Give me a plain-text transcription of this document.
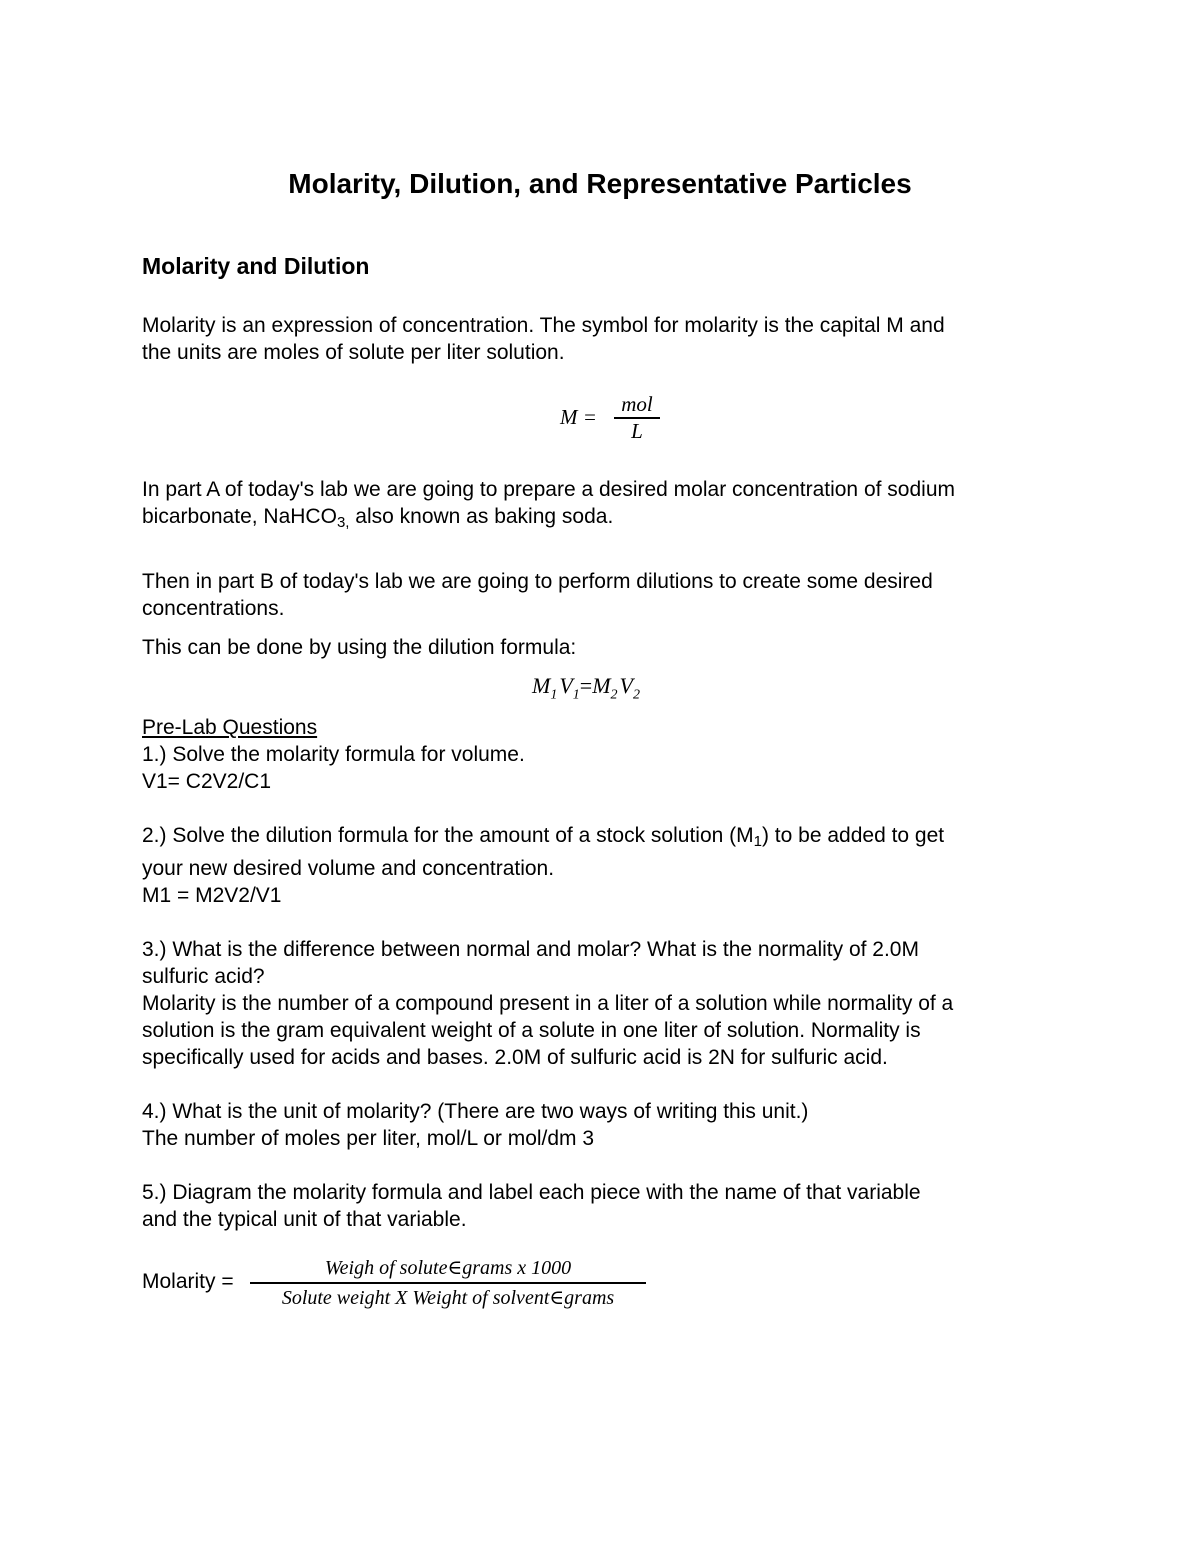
Molarity, Dilution, and Representative Particles
Molarity and Dilution
Molarity is an expression of concentration. The symbol for molarity is the capital M and
the units are moles of solute per liter solution.
M =
mol
L
In part A of today's lab we are going to prepare a desired molar concentration of sodium
bicarbonate, NaHCO$_{3,}$ also known as baking soda.
Then in part B of today's lab we are going to perform dilutions to create some desired
concentrations.
This can be done by using the dilution formula:
$M_1V_1=M_2V_2$
Pre-Lab Questions
1.) Solve the molarity formula for volume.
V1= C2V2/C1
2.) Solve the dilution formula for the amount of a stock solution $(M_1)$ to be added to get
your new desired volume and concentration.
M1 = M2V2/V1
3.) What is the difference between normal and molar? What is the normality of 2.0M
sulfuric acid?
Molarity is the number of a compound present in a liter of a solution while normality of a
solution is the gram equivalent weight of a solute in one liter of solution. Normality is
specifically used for acids and bases. 2.0M of sulfuric acid is 2N for sulfuric acid.
4.) What is the unit of molarity? (There are two ways of writing this unit.)
The number of moles per liter, mol/L or mol/dm 3
5.) Diagram the molarity formula and label each piece with the name of that variable
and the typical unit of that variable.
Molarity =
Weigh of solute∈grams x 1000
Solute weight X Weight of solvent∈grams
